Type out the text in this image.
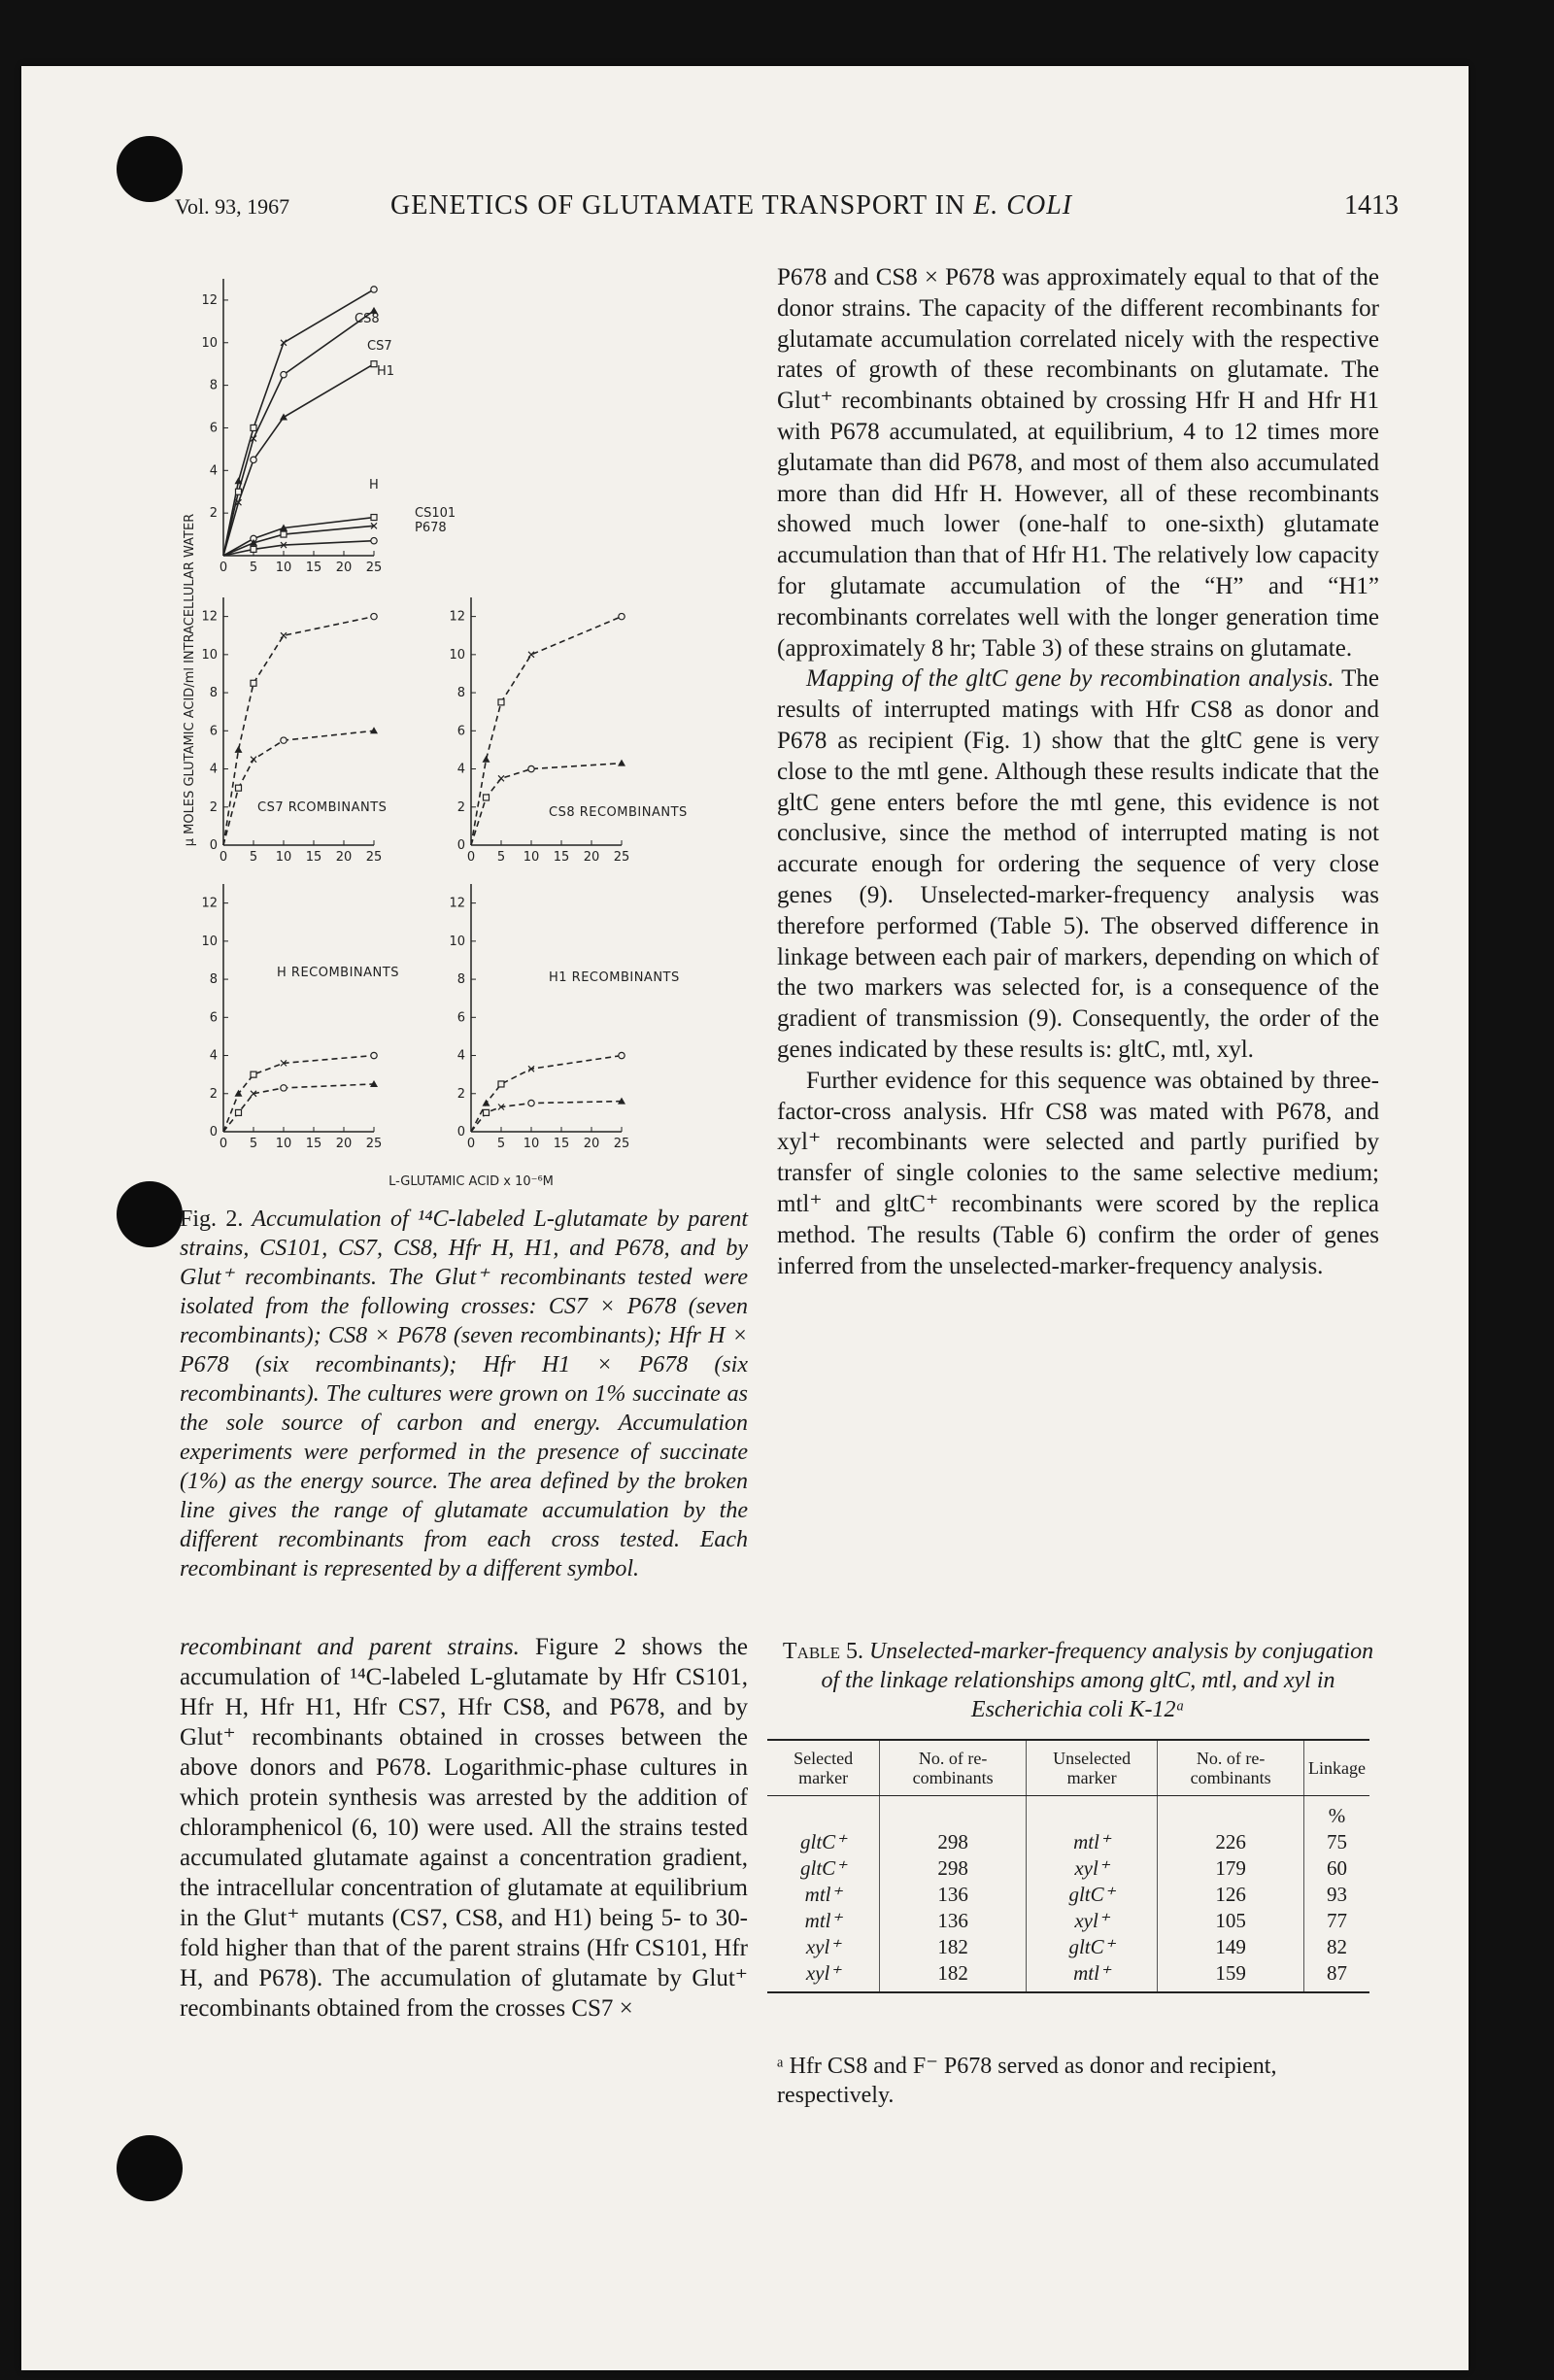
Vol. 93, 1967	GENETICS OF GLUTAMATE TRANSPORT IN E. COLI	1413
0 5 10 15 20 25
2
4
6
8
10
12
0 5 10 15 20 25
0
2
4
6
8
10
12
CS7 RCOMBINANTS
0 5 10 15 20 25
0
2
4
6
8
10
12
CS8 RECOMBINANTS
0 5 10 15 20 25
0
2
4
6
8
10
12
H RECOMBINANTS
0 5 10 15 20 25
0
2
4
6
8
10
12
H1 RECOMBINANTS
CS8
CS7
H1
H
CS101
P678
μ MOLES GLUTAMIC ACID/ml INTRACELLULAR WATER
L-GLUTAMIC ACID x 10⁻⁶M
Fig. 2. Accumulation of ¹⁴C-labeled L-glutamate by parent strains, CS101, CS7, CS8, Hfr H, H1, and P678, and by Glut⁺ recombinants. The Glut⁺ recombinants tested were isolated from the following crosses: CS7 × P678 (seven recombinants); CS8 × P678 (seven recombinants); Hfr H × P678 (six recombinants); Hfr H1 × P678 (six recombinants). The cultures were grown on 1% succinate as the sole source of carbon and energy. Accumulation experiments were performed in the presence of succinate (1%) as the energy source. The area defined by the broken line gives the range of glutamate accumulation by the different recombinants from each cross tested. Each recombinant is represented by a different symbol.
recombinant and parent strains. Figure 2 shows the accumulation of ¹⁴C-labeled L-glutamate by Hfr CS101, Hfr H, Hfr H1, Hfr CS7, Hfr CS8, and P678, and by Glut⁺ recombinants obtained in crosses between the above donors and P678. Logarithmic-phase cultures in which protein synthesis was arrested by the addition of chloramphenicol (6, 10) were used. All the strains tested accumulated glutamate against a concentration gradient, the intracellular concentration of glutamate at equilibrium in the Glut⁺ mutants (CS7, CS8, and H1) being 5- to 30-fold higher than that of the parent strains (Hfr CS101, Hfr H, and P678). The accumulation of glutamate by Glut⁺ recombinants obtained from the crosses CS7 ×

P678 and CS8 × P678 was approximately equal to that of the donor strains. The capacity of the different recombinants for glutamate accumulation correlated nicely with the respective rates of growth of these recombinants on glutamate. The Glut⁺ recombinants obtained by crossing Hfr H and Hfr H1 with P678 accumulated, at equilibrium, 4 to 12 times more glutamate than did P678, and most of them also accumulated more than did Hfr H. However, all of these recombinants showed much lower (one-half to one-sixth) glutamate accumulation than that of Hfr H1. The relatively low capacity for glutamate accumulation of the “H” and “H1” recombinants correlates well with the longer generation time (approximately 8 hr; Table 3) of these strains on glutamate.

Mapping of the gltC gene by recombination analysis. The results of interrupted matings with Hfr CS8 as donor and P678 as recipient (Fig. 1) show that the gltC gene is very close to the mtl gene. Although these results indicate that the gltC gene enters before the mtl gene, this evidence is not conclusive, since the method of interrupted mating is not accurate enough for ordering the sequence of very close genes (9). Unselected-marker-frequency analysis was therefore performed (Table 5). The observed difference in linkage between each pair of markers, depending on which of the two markers was selected for, is a consequence of the gradient of transmission (9). Consequently, the order of the genes indicated by these results is: gltC, mtl, xyl.

Further evidence for this sequence was obtained by three-factor-cross analysis. Hfr CS8 was mated with P678, and xyl⁺ recombinants were selected and partly purified by transfer of single colonies to the same selective medium; mtl⁺ and gltC⁺ recombinants were scored by the replica method. The results (Table 6) confirm the order of genes inferred from the unselected-marker-frequency analysis.

Table 5. Unselected-marker-frequency analysis by conjugation of the linkage relationships among gltC, mtl, and xyl in Escherichia coli K-12ᵃ
Selected marker	No. of re-combinants	Unselected marker	No. of re-combinants	Linkage
				%
gltC⁺	298	mtl⁺	226	75
gltC⁺	298	xyl⁺	179	60
mtl⁺	136	gltC⁺	126	93
mtl⁺	136	xyl⁺	105	77
xyl⁺	182	gltC⁺	149	82
xyl⁺	182	mtl⁺	159	87
ᵃ Hfr CS8 and F⁻ P678 served as donor and recipient, respectively.
